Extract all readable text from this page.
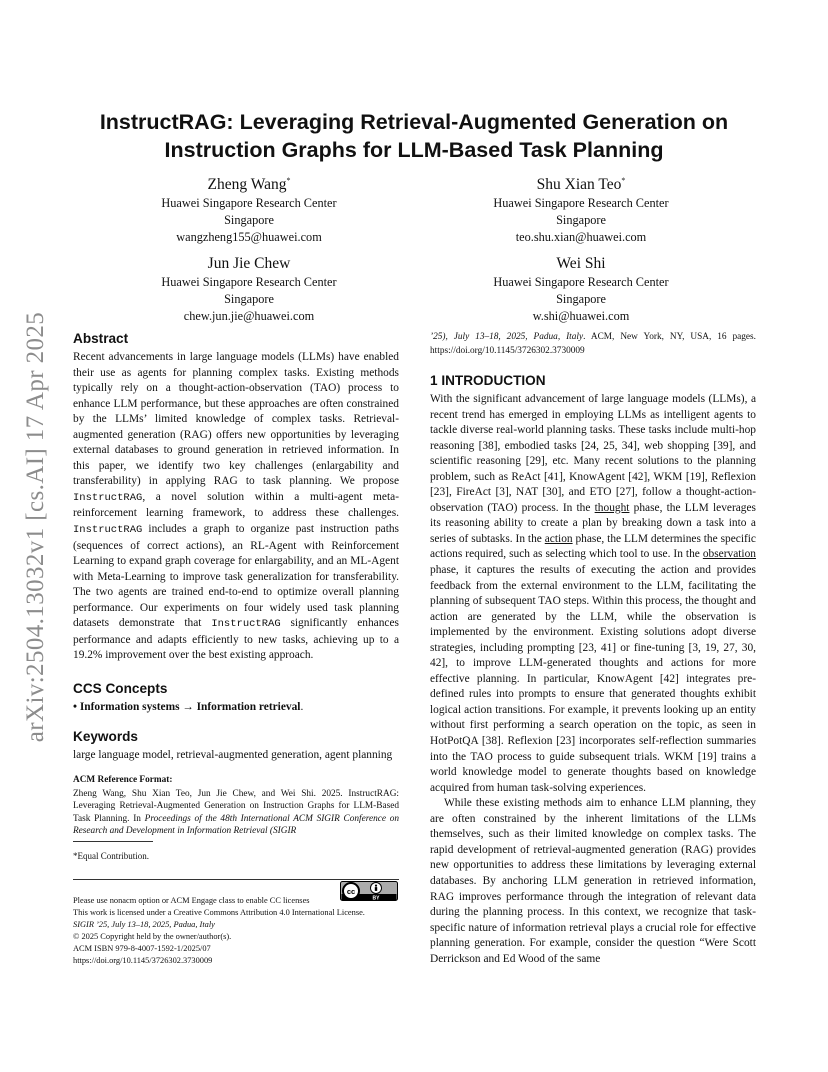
arXiv:2504.13032v1 [cs.AI] 17 Apr 2025
InstructRAG: Leveraging Retrieval-Augmented Generation on
Instruction Graphs for LLM-Based Task Planning
Zheng Wang*
Huawei Singapore Research Center
Singapore
wangzheng155@huawei.com
Shu Xian Teo*
Huawei Singapore Research Center
Singapore
teo.shu.xian@huawei.com
Jun Jie Chew
Huawei Singapore Research Center
Singapore
chew.jun.jie@huawei.com
Wei Shi
Huawei Singapore Research Center
Singapore
w.shi@huawei.com
Abstract

Recent advancements in large language models (LLMs) have enabled their use as agents for planning complex tasks. Existing methods typically rely on a thought-action-observation (TAO) process to enhance LLM performance, but these approaches are often constrained by the LLMs’ limited knowledge of complex tasks. Retrieval-augmented generation (RAG) offers new opportunities by leveraging external databases to ground generation in retrieved information. In this paper, we identify two key challenges (enlargability and transferability) in applying RAG to task planning. We propose InstructRAG, a novel solution within a multi-agent meta-reinforcement learning framework, to address these challenges. InstructRAG includes a graph to organize past instruction paths (sequences of correct actions), an RL-Agent with Reinforcement Learning to expand graph coverage for enlargability, and an ML-Agent with Meta-Learning to improve task generalization for transferability. The two agents are trained end-to-end to optimize overall planning performance. Our experiments on four widely used task planning datasets demonstrate that InstructRAG significantly enhances performance and adapts efficiently to new tasks, achieving up to a 19.2% improvement over the best existing approach.

CCS Concepts

• Information systems → Information retrieval.

Keywords

large language model, retrieval-augmented generation, agent planning

ACM Reference Format:

Zheng Wang, Shu Xian Teo, Jun Jie Chew, and Wei Shi. 2025. InstructRAG: Leveraging Retrieval-Augmented Generation on Instruction Graphs for LLM-Based Task Planning. In Proceedings of the 48th International ACM SIGIR Conference on Research and Development in Information Retrieval (SIGIR

*Equal Contribution.
cc
BY
Please use nonacm option or ACM Engage class to enable CC licenses
This work is licensed under a Creative Commons Attribution 4.0 International License.
SIGIR ’25, July 13–18, 2025, Padua, Italy
© 2025 Copyright held by the owner/author(s).
ACM ISBN 979-8-4007-1592-1/2025/07
https://doi.org/10.1145/3726302.3730009

’25), July 13–18, 2025, Padua, Italy. ACM, New York, NY, USA, 16 pages. https://doi.org/10.1145/3726302.3730009

1 INTRODUCTION

With the significant advancement of large language models (LLMs), a recent trend has emerged in employing LLMs as intelligent agents to tackle diverse real-world planning tasks. These tasks include multi-hop reasoning [38], embodied tasks [24, 25, 34], web shopping [39], and scientific reasoning [29], etc. Many recent solutions to the planning problem, such as ReAct [41], KnowAgent [42], WKM [19], Reflexion [23], FireAct [3], NAT [30], and ETO [27], follow a thought-action-observation (TAO) process. In the thought phase, the LLM leverages its reasoning ability to create a plan by breaking down a task into a series of subtasks. In the action phase, the LLM determines the specific actions required, such as selecting which tool to use. In the observation phase, it captures the results of executing the action and provides feedback from the external environment to the LLM, facilitating the planning of subsequent TAO steps. Within this process, the thought and action are generated by the LLM, while the observation is implemented by the environment. Existing solutions adopt diverse strategies, including prompting [23, 41] or fine-tuning [3, 19, 27, 30, 42], to improve LLM-generated thoughts and actions for more effective planning. In particular, KnowAgent [42] integrates pre-defined rules into prompts to ensure that generated thoughts exhibit logical action transitions. For example, it prevents looking up an entity without first performing a search operation on the topic, as seen in HotPotQA [38]. Reflexion [23] incorporates self-reflection summaries into the TAO process to guide subsequent trials. WKM [19] trains a world knowledge model to generate thoughts based on knowledge acquired from human task-solving experiences.

While these existing methods aim to enhance LLM planning, they are often constrained by the inherent limitations of the LLMs themselves, such as their limited knowledge on complex tasks. The rapid development of retrieval-augmented generation (RAG) provides new opportunities to address these limitations by leveraging external databases. By anchoring LLM generation in retrieved information, RAG improves performance through the integration of relevant data during the planning process. In this context, we recognize that task-specific nature of information retrieval plays a crucial role for effective planning generation. For example, consider the question “Were Scott Derrickson and Ed Wood of the same
